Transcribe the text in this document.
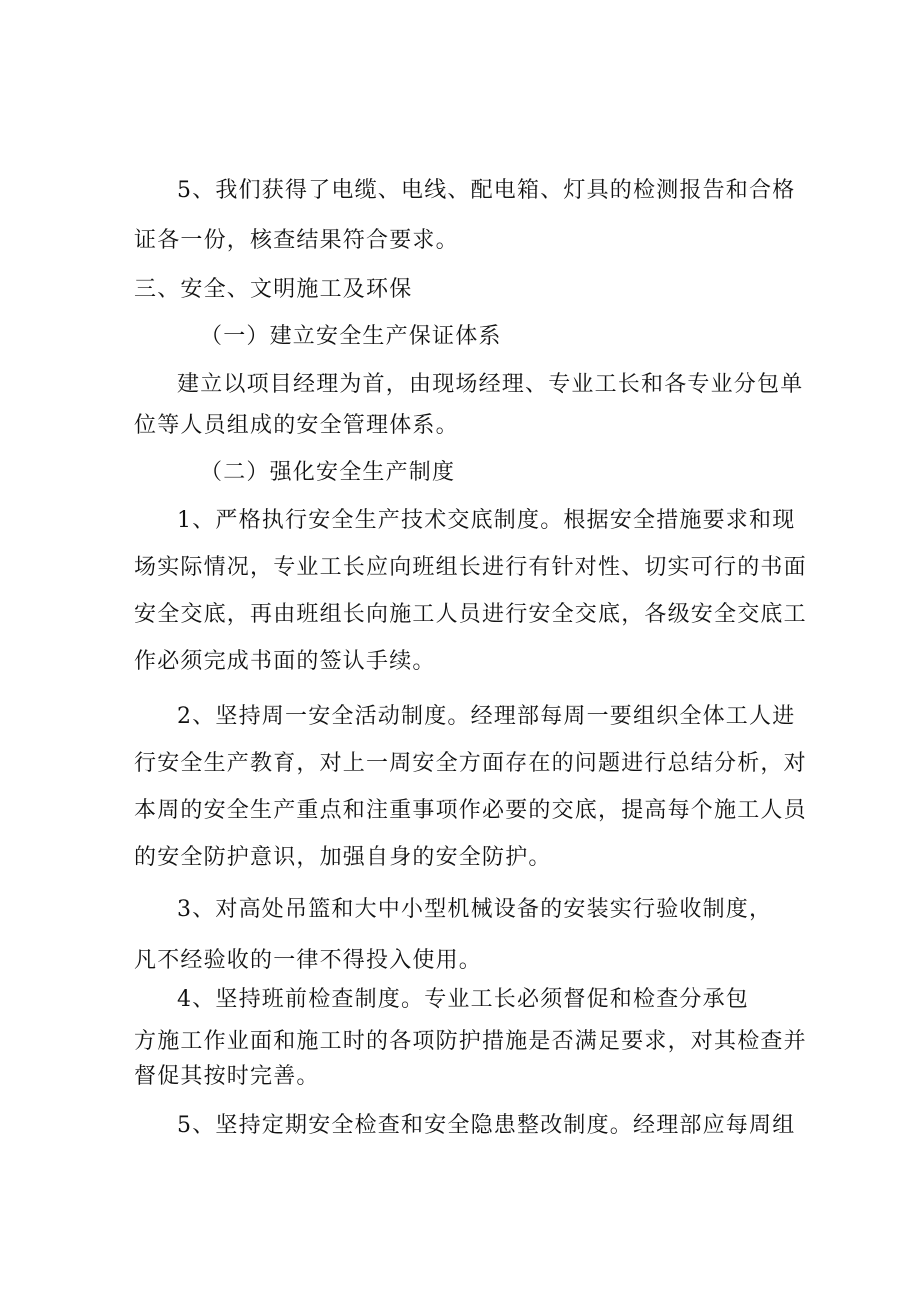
5、我们获得了电缆、电线、配电箱、灯具的检测报告和合格
证各一份，核查结果符合要求。
三、安全、文明施工及环保
（一）建立安全生产保证体系
建立以项目经理为首，由现场经理、专业工长和各专业分包单
位等人员组成的安全管理体系。
（二）强化安全生产制度
1、严格执行安全生产技术交底制度。根据安全措施要求和现
场实际情况，专业工长应向班组长进行有针对性、切实可行的书面
安全交底，再由班组长向施工人员进行安全交底，各级安全交底工
作必须完成书面的签认手续。
2、坚持周一安全活动制度。经理部每周一要组织全体工人进
行安全生产教育，对上一周安全方面存在的问题进行总结分析，对
本周的安全生产重点和注重事项作必要的交底，提高每个施工人员
的安全防护意识，加强自身的安全防护。
3、对高处吊篮和大中小型机械设备的安装实行验收制度，
凡不经验收的一律不得投入使用。
4、坚持班前检查制度。专业工长必须督促和检查分承包
方施工作业面和施工时的各项防护措施是否满足要求，对其检查并
督促其按时完善。
5、坚持定期安全检查和安全隐患整改制度。经理部应每周组
